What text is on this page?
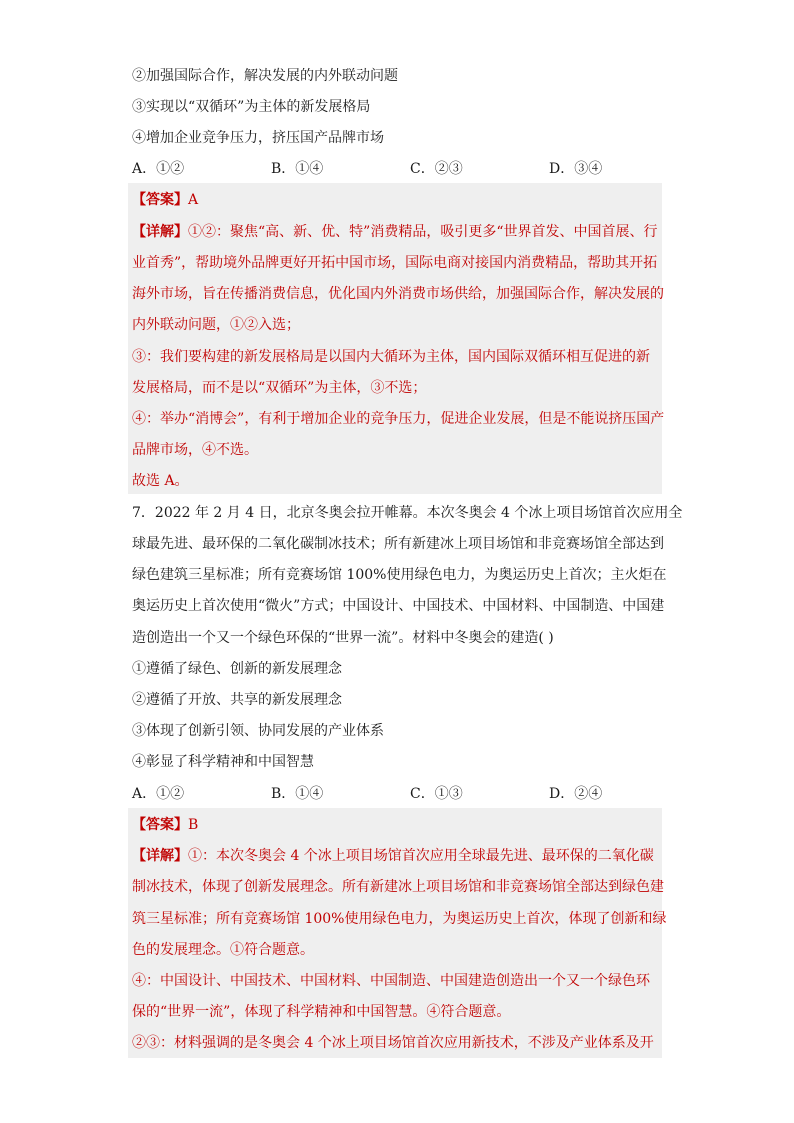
②加强国际合作，解决发展的内外联动问题
③实现以“双循环”为主体的新发展格局
④增加企业竞争压力，挤压国产品牌市场
A．①②	B．①④	C．②③	D．③④
【答案】A
【详解】①②：聚焦“高、新、优、特”消费精品，吸引更多“世界首发、中国首展、行
业首秀”，帮助境外品牌更好开拓中国市场，国际电商对接国内消费精品，帮助其开拓
海外市场，旨在传播消费信息，优化国内外消费市场供给，加强国际合作，解决发展的
内外联动问题，①②入选；
③：我们要构建的新发展格局是以国内大循环为主体，国内国际双循环相互促进的新
发展格局，而不是以“双循环”为主体，③不选；
④：举办“消博会”，有利于增加企业的竞争压力，促进企业发展，但是不能说挤压国产
品牌市场，④不选。
故选 A。
7．2022 年 2 月 4 日，北京冬奥会拉开帷幕。本次冬奥会 4 个冰上项目场馆首次应用全
球最先进、最环保的二氧化碳制冰技术；所有新建冰上项目场馆和非竞赛场馆全部达到
绿色建筑三星标准；所有竞赛场馆 100%使用绿色电力，为奥运历史上首次；主火炬在
奥运历史上首次使用“微火”方式；中国设计、中国技术、中国材料、中国制造、中国建
造创造出一个又一个绿色环保的“世界一流”。材料中冬奥会的建造( )
①遵循了绿色、创新的新发展理念
②遵循了开放、共享的新发展理念
③体现了创新引领、协同发展的产业体系
④彰显了科学精神和中国智慧
A．①②	B．①④	C．①③	D．②④
【答案】B
【详解】①：本次冬奥会 4 个冰上项目场馆首次应用全球最先进、最环保的二氧化碳
制冰技术，体现了创新发展理念。所有新建冰上项目场馆和非竞赛场馆全部达到绿色建
筑三星标准；所有竞赛场馆 100%使用绿色电力，为奥运历史上首次，体现了创新和绿
色的发展理念。①符合题意。
④：中国设计、中国技术、中国材料、中国制造、中国建造创造出一个又一个绿色环
保的“世界一流”，体现了科学精神和中国智慧。④符合题意。
②③：材料强调的是冬奥会 4 个冰上项目场馆首次应用新技术，不涉及产业体系及开
